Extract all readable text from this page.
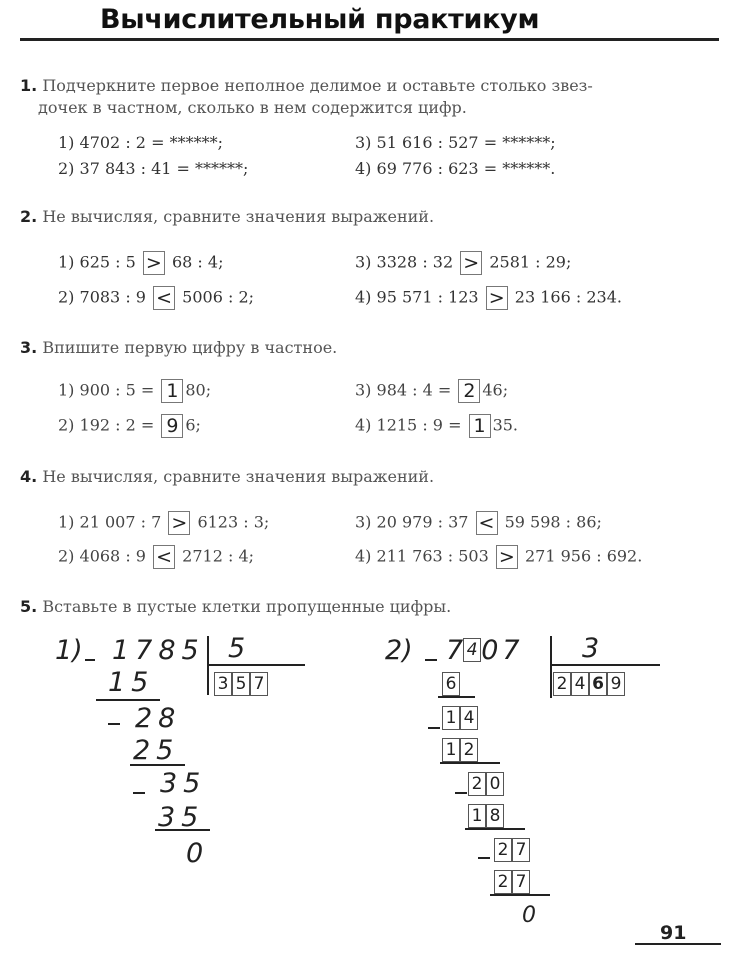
Вычислительный практикум
1. Подчеркните первое неполное делимое и оставьте столько звез-
дочек в частном, сколько в нем содержится цифр.
1) 4702 : 2 = ******;	3) 51 616 : 527 = ******;
2) 37 843 : 41 = ******;	4) 69 776 : 623 = ******.
2. Не вычисляя, сравните значения выражений.
1) 625 : 5 > 68 : 4;	3) 3328 : 32 > 2581 : 29;
2) 7083 : 9 < 5006 : 2;	4) 95 571 : 123 > 23 166 : 234.
3. Впишите первую цифру в частное.
1) 900 : 5 = 1 80;	3) 984 : 4 = 2 46;
2) 192 : 2 = 9 6;	4) 1215 : 9 = 1 35.
4. Не вычисляя, сравните значения выражений.
1) 21 007 : 7 > 6123 : 3;	3) 20 979 : 37 < 59 598 : 86;
2) 4068 : 9 < 2712 : 4;	4) 211 763 : 503 > 271 956 : 692.
5. Вставьте в пустые клетки пропущенные цифры.
1) 1785 5
3 5 7
15
28
25
35
35
0
2) 7 4 07 3
2 4 6 9
6
1 4
1 2
2 0
1 8
2 7
2 7
0
91
